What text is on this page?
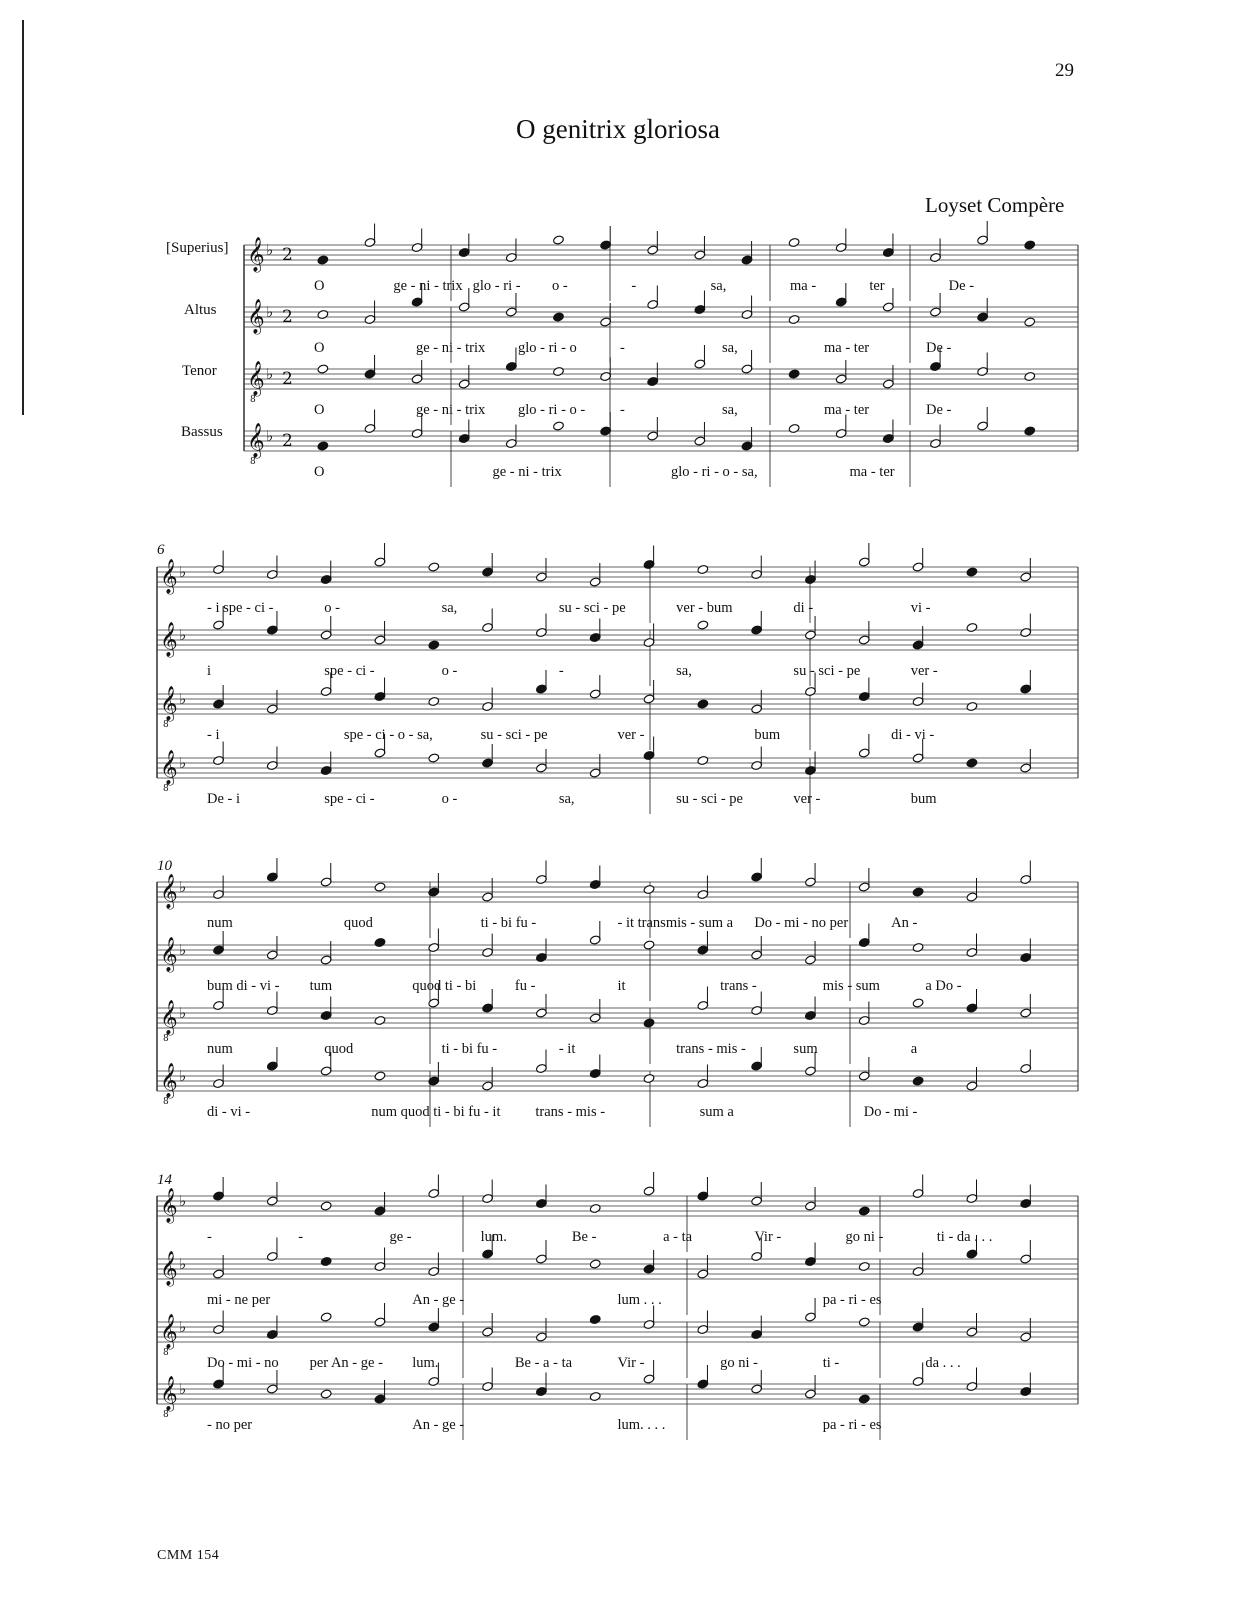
29
O genitrix gloriosa
Loyset Compère
CMM 154
[Superius]
Altus
Tenor
Bassus
6
10
14
𝄞 ♭ 2
𝄞 ♭ 2
𝄞
8
♭ 2
𝄞
8
♭ 2
𝄞 ♭
𝄞 ♭
𝄞
8
♭
𝄞
8
♭
𝄞 ♭
𝄞 ♭
𝄞
8
♭
𝄞
8
♭
𝄞 ♭
𝄞 ♭
𝄞
8
♭
𝄞
8
♭
O	ge - ni - trix glo - ri - o -	-	sa,	ma -	ter	De -
O	ge - ni - trix glo - ri - o	-	sa,	ma - ter	De -
O	ge - ni - trix glo - ri - o - -	sa,	ma - ter	De -
O	ge - ni - trix	glo - ri - o - sa,	ma - ter
- i spe - ci -	o -	sa,	su - sci - pe	ver - bum	di -	vi -
i	spe - ci -	o -	-	sa,	su - sci - pe	ver -
- i	spe - ci - o - sa,	su - sci - pe	ver -	bum	di - vi -
De - i	spe - ci -	o -	sa,	su - sci - pe	ver -	bum
num	quod	ti - bi fu -	- it transmis - sum a Do - mi - no per	An -
bum di - vi - tum	quod ti - bi	fu -	it	trans -	mis - sum	a Do -
num	quod	ti - bi fu -	- it	trans - mis -	sum	a
di - vi -	num quod ti - bi fu - it trans - mis -	sum a	Do - mi -
-	-	ge -	lum.	Be -	a - ta	Vir -	go ni -	ti - da . . .
mi - ne per	An - ge -	lum . . .	pa - ri - es
Do - mi - no per An - ge - lum.	Be - a - ta	Vir -	go ni -	ti -	da . . .
- no per	An - ge -	lum. . . .	pa - ri - es
